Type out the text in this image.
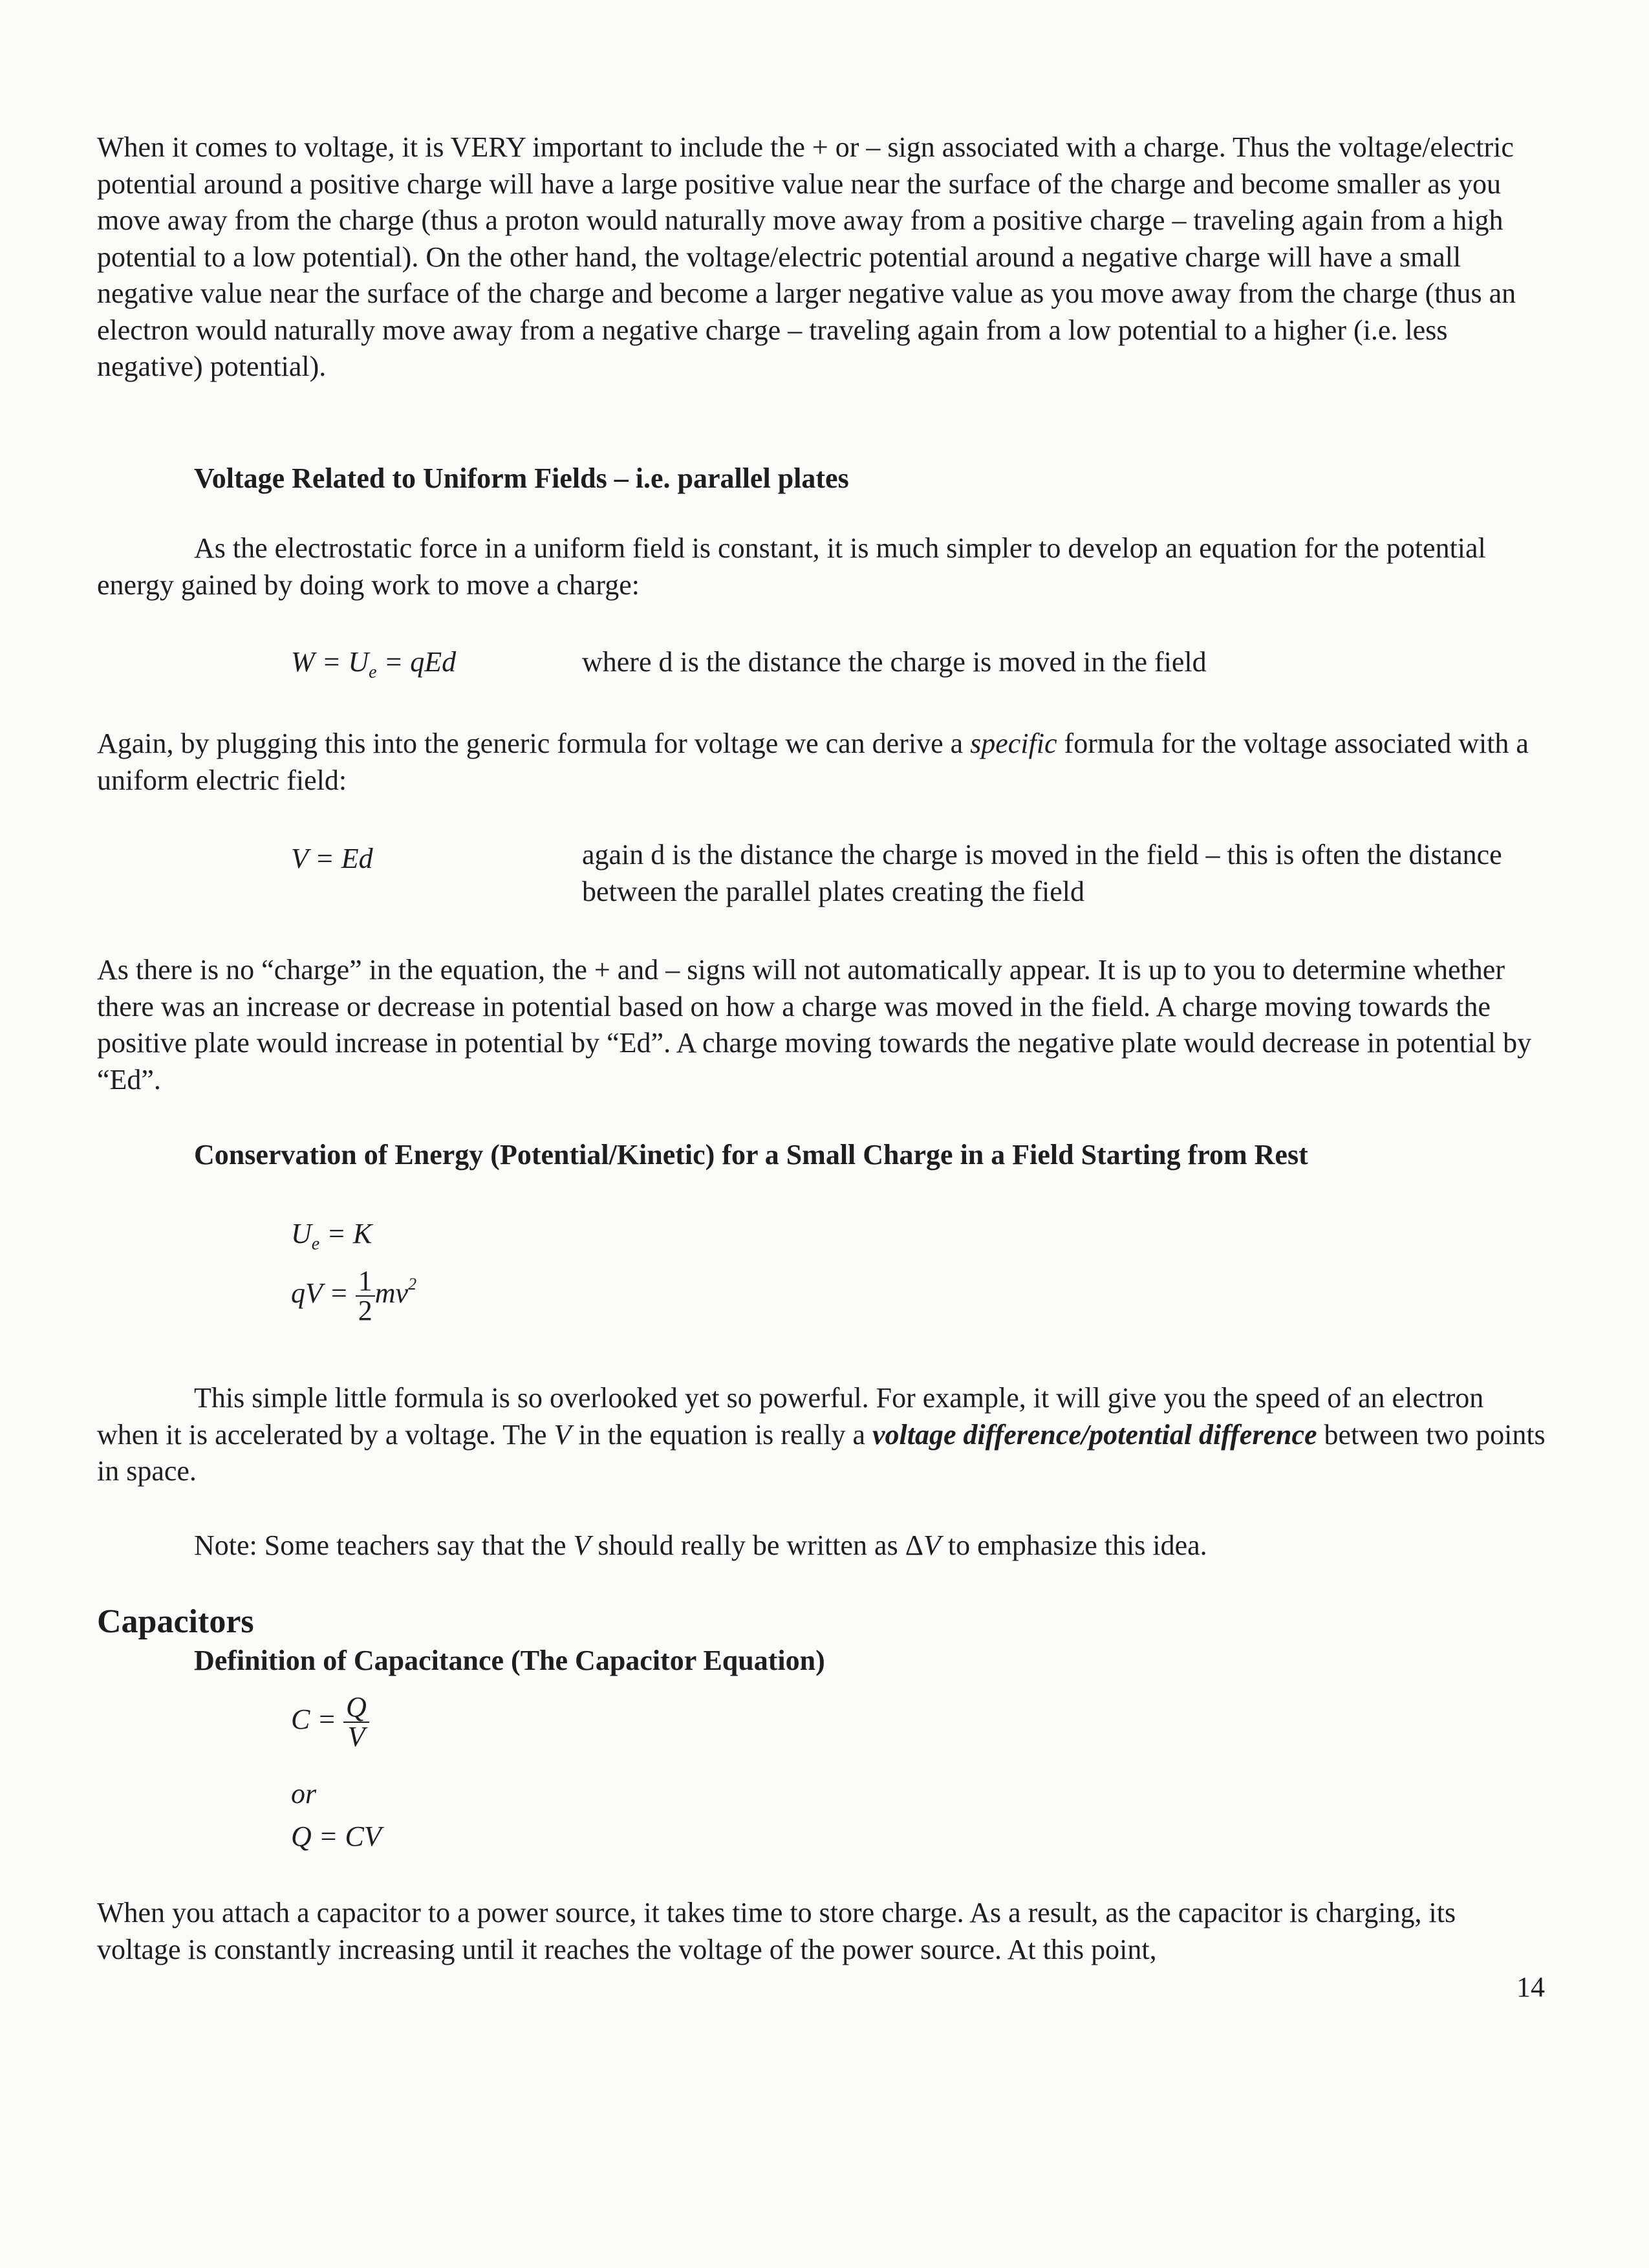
When it comes to voltage, it is VERY important to include the + or – sign associated with a charge. Thus the voltage/electric potential around a positive charge will have a large positive value near the surface of the charge and become smaller as you move away from the charge (thus a proton would naturally move away from a positive charge – traveling again from a high potential to a low potential). On the other hand, the voltage/electric potential around a negative charge will have a small negative value near the surface of the charge and become a larger negative value as you move away from the charge (thus an electron would naturally move away from a negative charge – traveling again from a low potential to a higher (i.e. less negative) potential).

Voltage Related to Uniform Fields – i.e. parallel plates

As the electrostatic force in a uniform field is constant, it is much simpler to develop an equation for the potential energy gained by doing work to move a charge:

$W = U_e$ = qEd	where d is the distance the charge is moved in the field

Again, by plugging this into the generic formula for voltage we can derive a specific formula for the voltage associated with a uniform electric field:

V = Ed	again d is the distance the charge is moved in the field – this is often the distance between the parallel plates creating the field

As there is no “charge” in the equation, the + and – signs will not automatically appear. It is up to you to determine whether there was an increase or decrease in potential based on how a charge was moved in the field. A charge moving towards the positive plate would increase in potential by “Ed”. A charge moving towards the negative plate would decrease in potential by “Ed”.

Conservation of Energy (Potential/Kinetic) for a Small Charge in a Field Starting from Rest
$U_e = K$
qV = $\frac{1}{2} mv^2$

This simple little formula is so overlooked yet so powerful. For example, it will give you the speed of an electron when it is accelerated by a voltage. The V in the equation is really a voltage difference/potential difference between two points in space.

Note: Some teachers say that the V should really be written as ΔV to emphasize this idea.

Capacitors
Definition of Capacitance (The Capacitor Equation)
$C = \frac{Q}{V}$
or
Q = CV

When you attach a capacitor to a power source, it takes time to store charge. As a result, as the capacitor is charging, its voltage is constantly increasing until it reaches the voltage of the power source. At this point,

14
